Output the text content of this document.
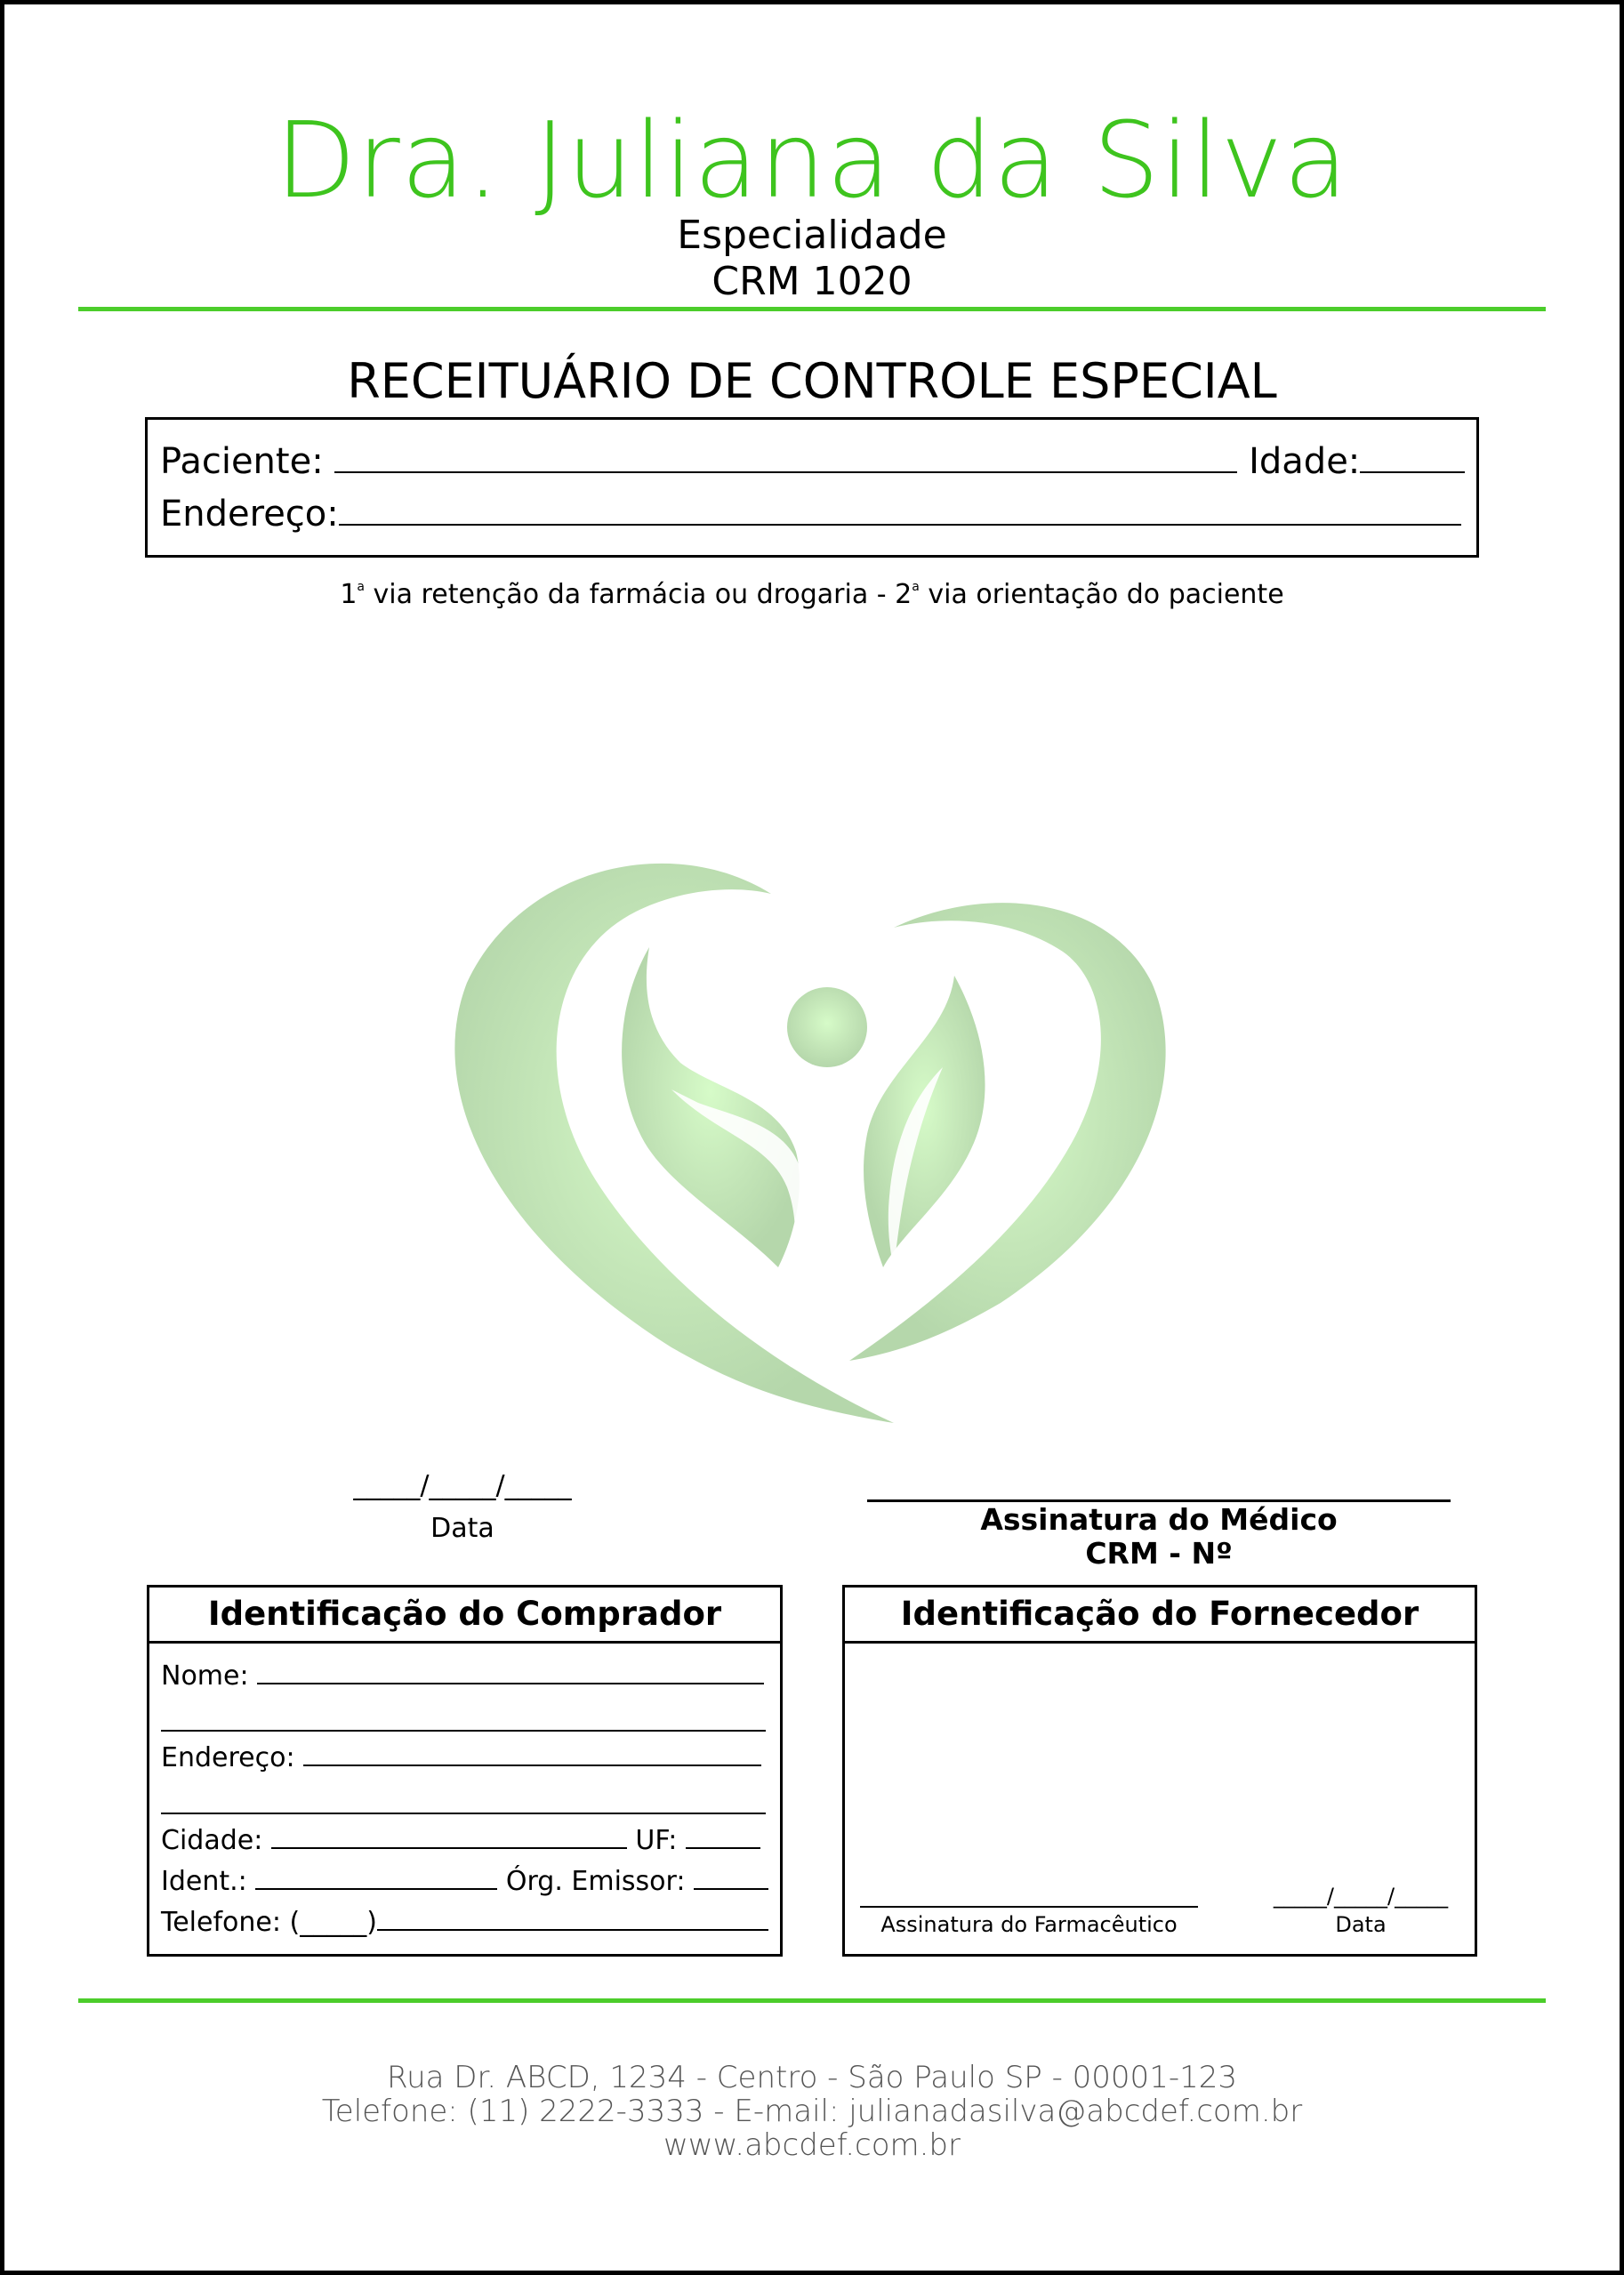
Dra. Juliana da Silva
Especialidade
CRM 1020
RECEITUÁRIO DE CONTROLE ESPECIAL
Paciente:	Idade:
Endereço:
1$^a$ via retenção da farmácia ou drogaria - 2$^a$ via orientação do paciente
_____/_____/_____
Data	Assinatura do Médico
CRM - Nº
Identificação do Comprador
Nome:
Endereço:
Cidade:	UF:
Ident.:	Órg. Emissor:
Telefone: (_____)
Identificação do Fornecedor
Assinatura do Farmacêutico
_____/_____/_____
Data
Rua Dr. ABCD, 1234 - Centro - São Paulo SP - 00001-123
Telefone: (11) 2222-3333 - E-mail: julianadasilva@abcdef.com.br
www.abcdef.com.br
